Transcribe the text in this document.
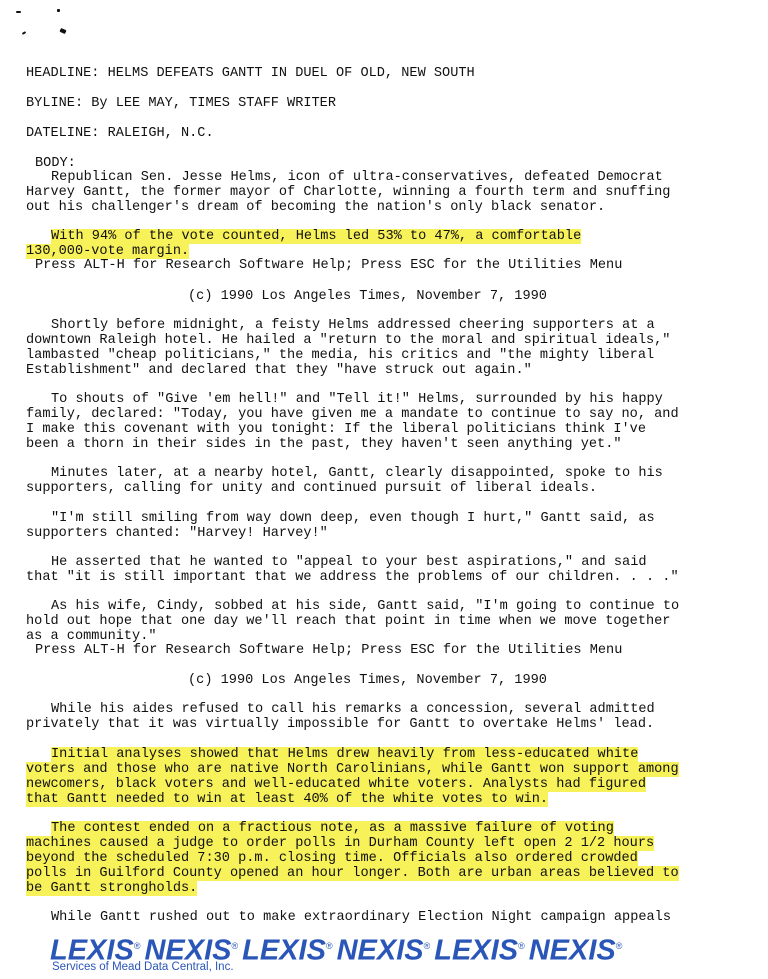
HEADLINE: HELMS DEFEATS GANTT IN DUEL OF OLD, NEW SOUTH
BYLINE: By LEE MAY, TIMES STAFF WRITER
DATELINE: RALEIGH, N.C.
BODY:
Republican Sen. Jesse Helms, icon of ultra-conservatives, defeated Democrat
Harvey Gantt, the former mayor of Charlotte, winning a fourth term and snuffing
out his challenger's dream of becoming the nation's only black senator.
With 94% of the vote counted, Helms led 53% to 47%, a comfortable
130,000-vote margin.
Press ALT-H for Research Software Help; Press ESC for the Utilities Menu
(c) 1990 Los Angeles Times, November 7, 1990
Shortly before midnight, a feisty Helms addressed cheering supporters at a
downtown Raleigh hotel. He hailed a "return to the moral and spiritual ideals,"
lambasted "cheap politicians," the media, his critics and "the mighty liberal
Establishment" and declared that they "have struck out again."
To shouts of "Give 'em hell!" and "Tell it!" Helms, surrounded by his happy
family, declared: "Today, you have given me a mandate to continue to say no, and
I make this covenant with you tonight: If the liberal politicians think I've
been a thorn in their sides in the past, they haven't seen anything yet."
Minutes later, at a nearby hotel, Gantt, clearly disappointed, spoke to his
supporters, calling for unity and continued pursuit of liberal ideals.
"I'm still smiling from way down deep, even though I hurt," Gantt said, as
supporters chanted: "Harvey! Harvey!"
He asserted that he wanted to "appeal to your best aspirations," and said
that "it is still important that we address the problems of our children. . . ."
As his wife, Cindy, sobbed at his side, Gantt said, "I'm going to continue to
hold out hope that one day we'll reach that point in time when we move together
as a community."
Press ALT-H for Research Software Help; Press ESC for the Utilities Menu
(c) 1990 Los Angeles Times, November 7, 1990
While his aides refused to call his remarks a concession, several admitted
privately that it was virtually impossible for Gantt to overtake Helms' lead.
Initial analyses showed that Helms drew heavily from less-educated white
voters and those who are native North Carolinians, while Gantt won support among
newcomers, black voters and well-educated white voters. Analysts had figured
that Gantt needed to win at least 40% of the white votes to win.
The contest ended on a fractious note, as a massive failure of voting
machines caused a judge to order polls in Durham County left open 2 1/2 hours
beyond the scheduled 7:30 p.m. closing time. Officials also ordered crowded
polls in Guilford County opened an hour longer. Both are urban areas believed to
be Gantt strongholds.
While Gantt rushed out to make extraordinary Election Night campaign appeals
LEXIS® NEXIS® LEXIS® NEXIS® LEXIS® NEXIS®
Services of Mead Data Central, Inc.
